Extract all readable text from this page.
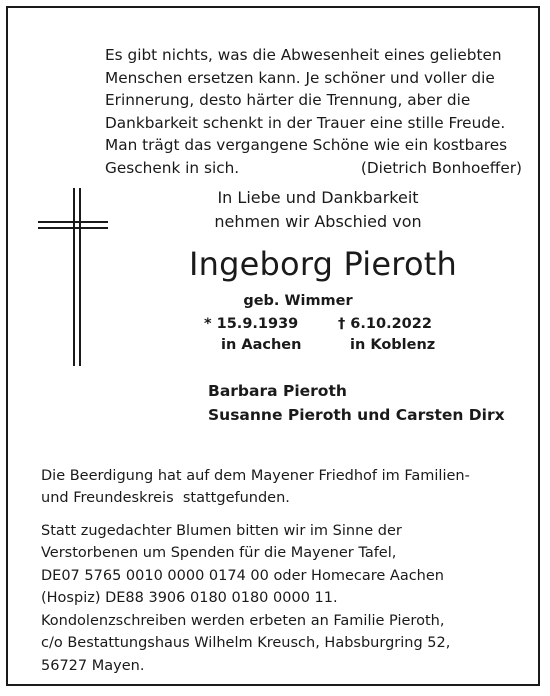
Es gibt nichts, was die Abwesenheit eines geliebten
Menschen ersetzen kann. Je schöner und voller die
Erinnerung, desto härter die Trennung, aber die
Dankbarkeit schenkt in der Trauer eine stille Freude.
Man trägt das vergangene Schöne wie ein kostbares
Geschenk in sich.	(Dietrich Bonhoeffer)
In Liebe und Dankbarkeit
nehmen wir Abschied von
Ingeborg Pieroth
geb. Wimmer
* 15.9.1939
in Aachen
† 6.10.2022
in Koblenz
Barbara Pieroth
Susanne Pieroth und Carsten Dirx
Die Beerdigung hat auf dem Mayener Friedhof im Familien-
und Freundeskreis  stattgefunden.
Statt zugedachter Blumen bitten wir im Sinne der
Verstorbenen um Spenden für die Mayener Tafel,
DE07 5765 0010 0000 0174 00 oder Homecare Aachen
(Hospiz) DE88 3906 0180 0180 0000 11.
Kondolenzschreiben werden erbeten an Familie Pieroth,
c/o Bestattungshaus Wilhelm Kreusch, Habsburgring 52,
56727 Mayen.
